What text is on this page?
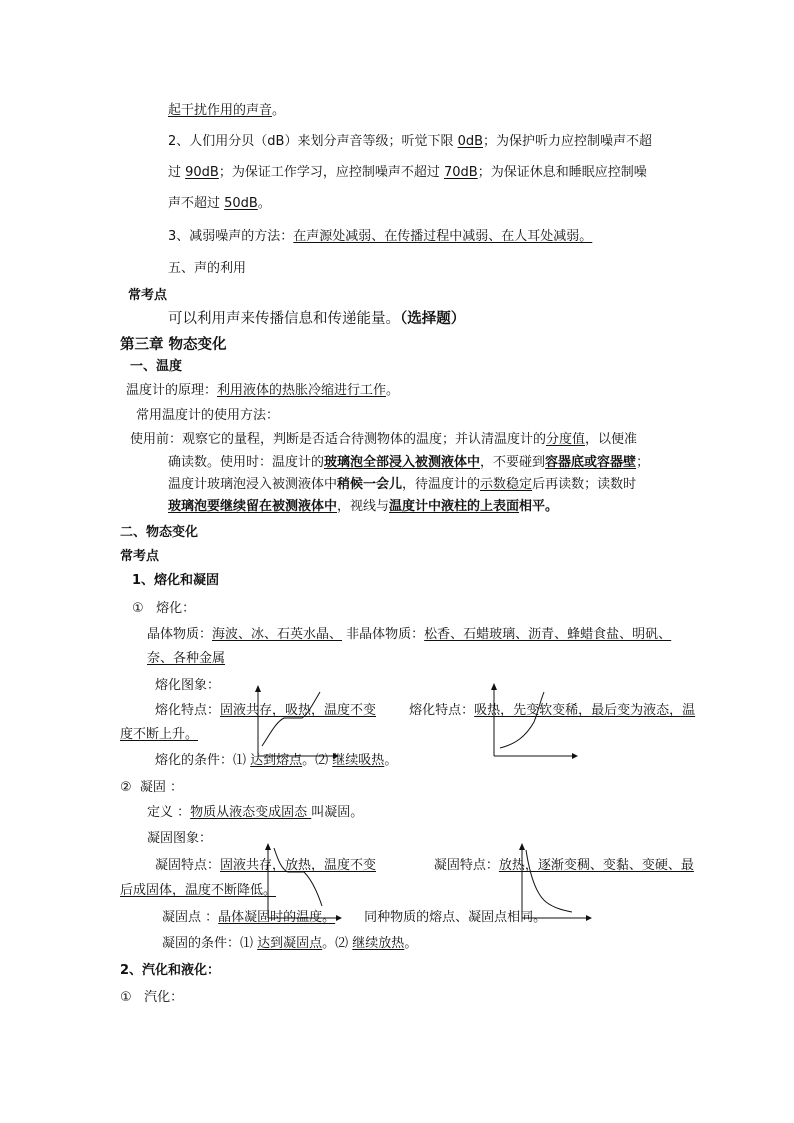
起干扰作用的声音。
2、人们用分贝（dB）来划分声音等级；听觉下限 0dB；为保护听力应控制噪声不超
过 90dB；为保证工作学习，应控制噪声不超过 70dB；为保证休息和睡眠应控制噪
声不超过 50dB。
3、减弱噪声的方法：在声源处减弱、在传播过程中减弱、在人耳处减弱。
五、声的利用
常考点
可以利用声来传播信息和传递能量。（选择题）
第三章 物态变化
一、温度
温度计的原理：利用液体的热胀冷缩进行工作。
常用温度计的使用方法：
使用前：观察它的量程，判断是否适合待测物体的温度；并认清温度计的分度值，以便准
确读数。使用时：温度计的玻璃泡全部浸入被测液体中，不要碰到容器底或容器壁；
温度计玻璃泡浸入被测液体中稍候一会儿，待温度计的示数稳定后再读数；读数时
玻璃泡要继续留在被测液体中，视线与温度计中液柱的上表面相平。
二、物态变化
常考点
1、熔化和凝固
① 熔化：
晶体物质：海波、冰、石英水晶、 非晶体物质：松香、石蜡玻璃、沥青、蜂蜡食盐、明矾、
奈、各种金属
熔化图象：
熔化特点：固液共存，吸热，温度不变	熔化特点：吸热，先变软变稀，最后变为液态，温
度不断上升。
熔化的条件：⑴ 达到熔点。⑵ 继续吸热。
② 凝固 ：
定义 ：物质从液态变成固态 叫凝固。
凝固图象：
凝固特点：固液共存，放热，温度不变	凝固特点：放热，逐渐变稠、变黏、变硬、最
后成固体，温度不断降低。
凝固点 ：晶体凝固时的温度。 同种物质的熔点、凝固点相同。
凝固的条件：⑴ 达到凝固点。⑵ 继续放热。
2、汽化和液化：
① 汽化：
